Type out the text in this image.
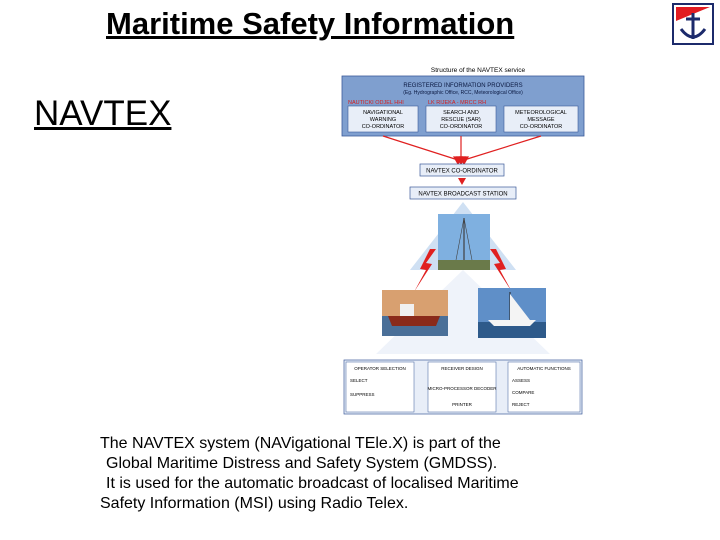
Maritime Safety Information
NAVTEX
Structure of the NAVTEX service
REGISTERED INFORMATION PROVIDERS
(Eg. Hydrographic Office, RCC, Meteorological Office)
NAUTICKI ODJEL HHI	LK RIJEKA - MRCC RH
NAVIGATIONAL
WARNING
CO-ORDINATOR
SEARCH AND
RESCUE (SAR)
CO-ORDINATOR
METEOROLOGICAL
MESSAGE
CO-ORDINATOR
NAVTEX CO-ORDINATOR
NAVTEX BROADCAST STATION
OPERATOR SELECTION
SELECT
SUPPRESS
RECEIVER DESIGN
MICRO-PROCESSOR DECODER
PRINTER
AUTOMATIC FUNCTIONS
ASSESS
COMPARE
REJECT
The NAVTEX system (NAVigational TEle.X) is part of the
Global Maritime Distress and Safety System (GMDSS).
It is used for the automatic broadcast of localised Maritime
Safety Information (MSI) using Radio Telex.
